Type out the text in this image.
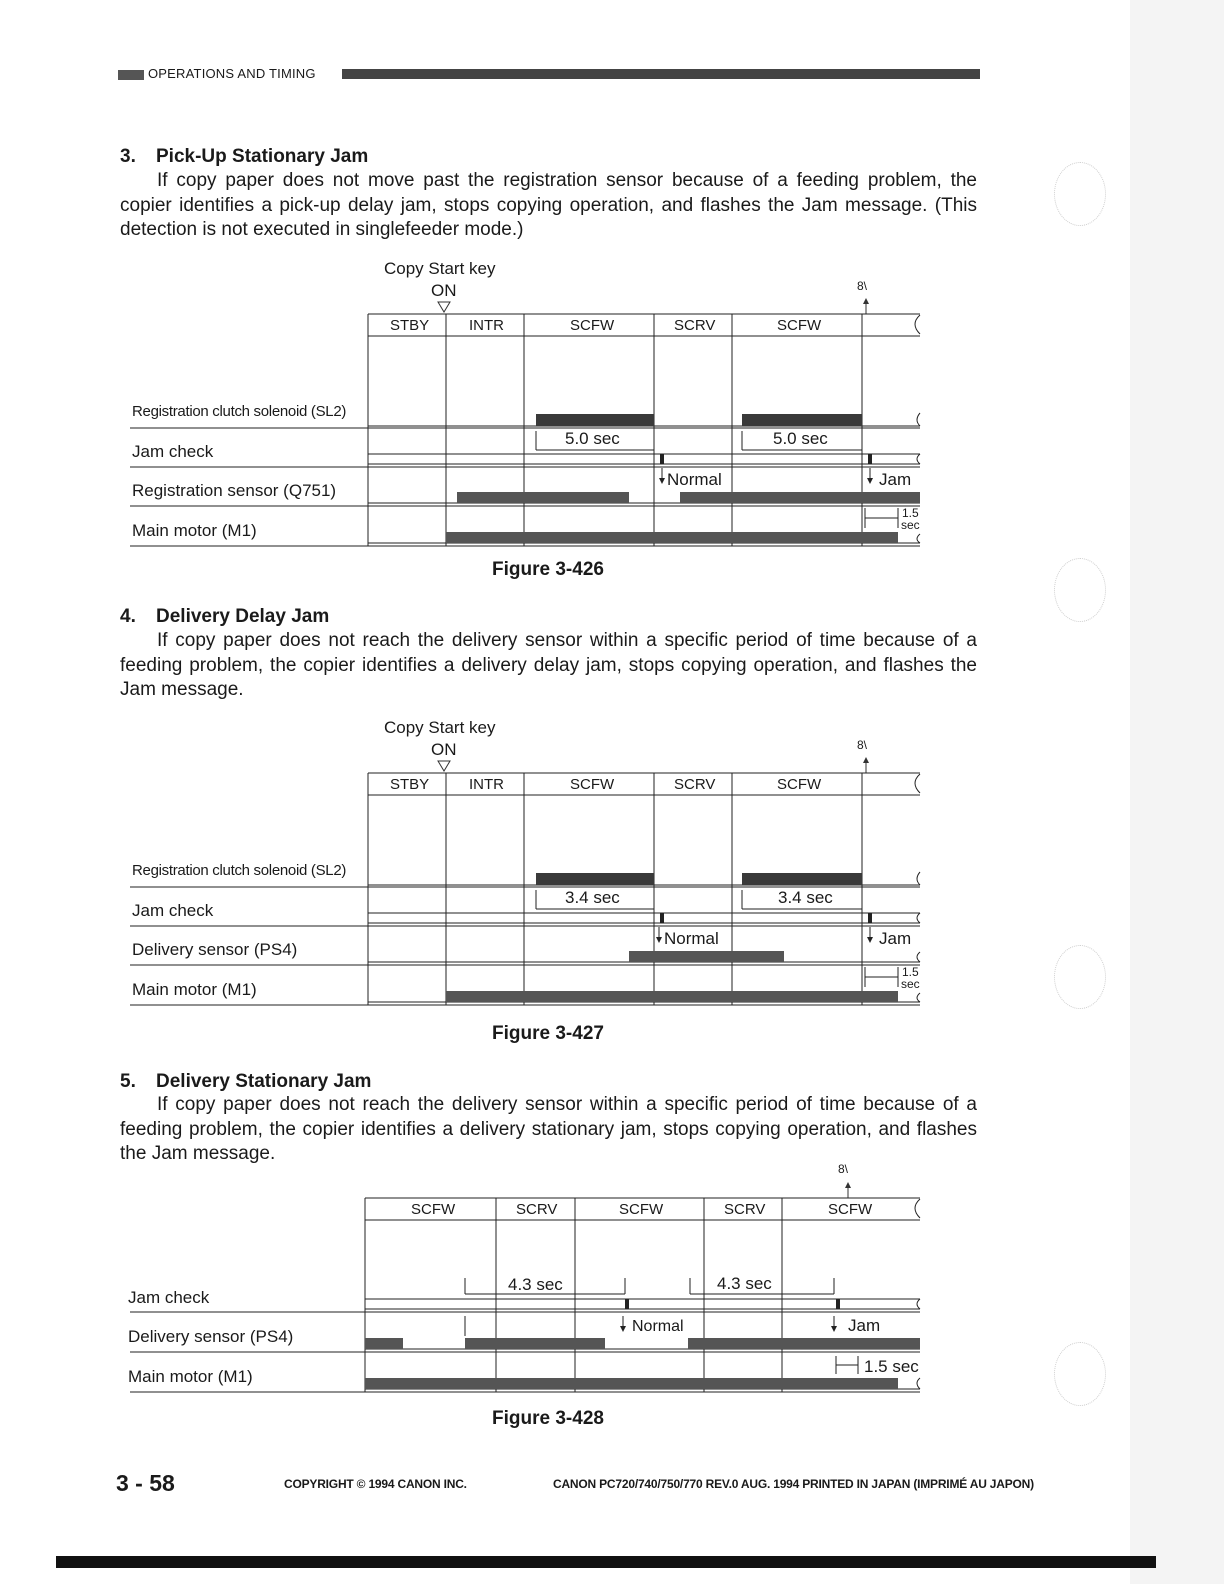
OPERATIONS AND TIMING
3. Pick-Up Stationary Jam
If copy paper does not move past the registration sensor because of a feeding problem, the copier identifies a pick-up delay jam, stops copying operation, and flashes the Jam message. (This detection is not executed in singlefeeder mode.)
Copy Start key
ON	8\
STBY	INTR	SCFW	SCRV	SCFW
Registration clutch solenoid (SL2)
Jam check
Registration sensor (Q751)
Main motor (M1)
5.0 sec	5.0 sec
Normal	Jam
1.5
sec
Figure 3-426
4. Delivery Delay Jam
If copy paper does not reach the delivery sensor within a specific period of time because of a feeding problem, the copier identifies a delivery delay jam, stops copying operation, and flashes the Jam message.
Copy Start key
ON	8\
STBY	INTR	SCFW	SCRV	SCFW
Registration clutch solenoid (SL2)
Jam check
Delivery sensor (PS4)
Main motor (M1)
3.4 sec	3.4 sec
Normal	Jam
1.5
sec
Figure 3-427
5. Delivery Stationary Jam
If copy paper does not reach the delivery sensor within a specific period of time because of a feeding problem, the copier identifies a delivery stationary jam, stops copying operation, and flashes the Jam message.
8\
SCFW	SCRV	SCFW	SCRV	SCFW
Jam check
Delivery sensor (PS4)
Main motor (M1)
4.3 sec	4.3 sec
Normal	Jam
1.5 sec
Figure 3-428
3 - 58	COPYRIGHT © 1994 CANON INC.	CANON PC720/740/750/770 REV.0 AUG. 1994 PRINTED IN JAPAN (IMPRIMÉ AU JAPON)
